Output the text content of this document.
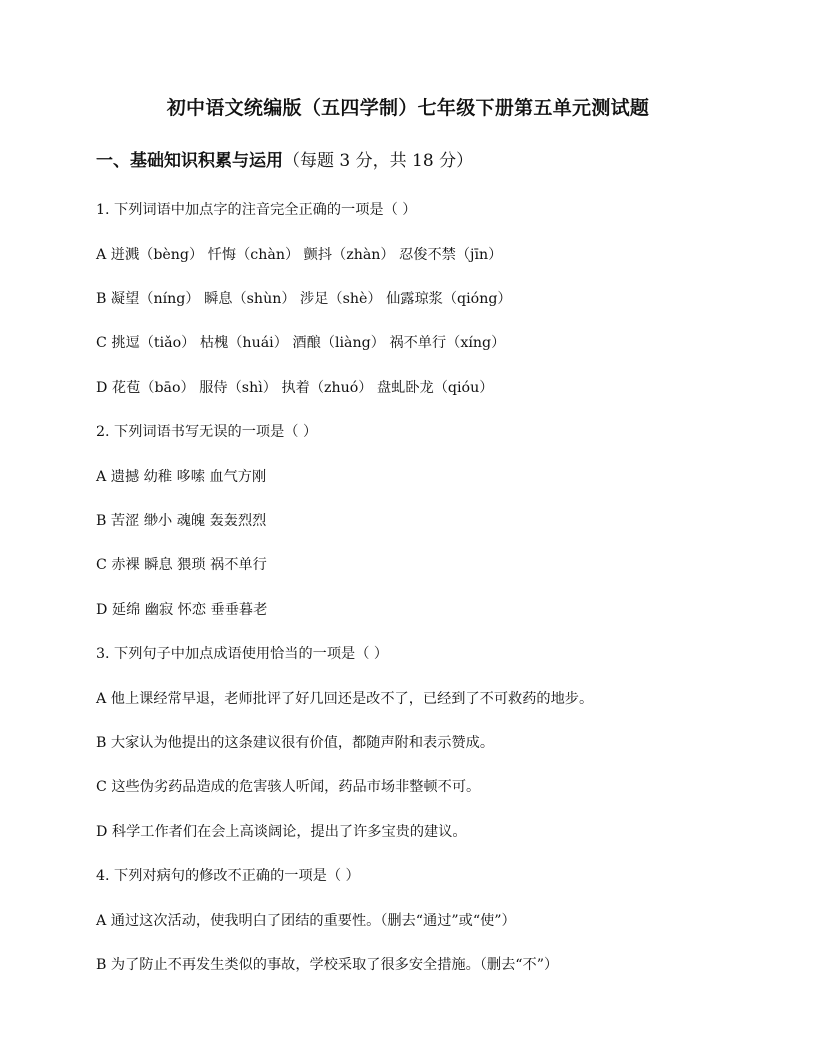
初中语文统编版（五四学制）七年级下册第五单元测试题
一、基础知识积累与运用（每题 3 分，共 18 分）
1. 下列词语中加点字的注音完全正确的一项是（ ）
A 迸溅（bèng） 忏悔（chàn） 颤抖（zhàn） 忍俊不禁（jīn）
B 凝望（níng） 瞬息（shùn） 涉足（shè） 仙露琼浆（qióng）
C 挑逗（tiǎo） 枯槐（huái） 酒酿（liàng） 祸不单行（xíng）
D 花苞（bāo） 服侍（shì） 执着（zhuó） 盘虬卧龙（qióu）
2. 下列词语书写无误的一项是（ ）
A 遗撼 幼稚 哆嗦 血气方刚
B 苦涩 缈小 魂魄 轰轰烈烈
C 赤裸 瞬息 猥琐 祸不单行
D 延绵 幽寂 怀恋 垂垂暮老
3. 下列句子中加点成语使用恰当的一项是（ ）
A 他上课经常早退，老师批评了好几回还是改不了，已经到了不可救药的地步。
B 大家认为他提出的这条建议很有价值，都随声附和表示赞成。
C 这些伪劣药品造成的危害骇人听闻，药品市场非整顿不可。
D 科学工作者们在会上高谈阔论，提出了许多宝贵的建议。
4. 下列对病句的修改不正确的一项是（ ）
A 通过这次活动，使我明白了团结的重要性。（删去“通过”或“使”）
B 为了防止不再发生类似的事故，学校采取了很多安全措施。（删去“不”）
